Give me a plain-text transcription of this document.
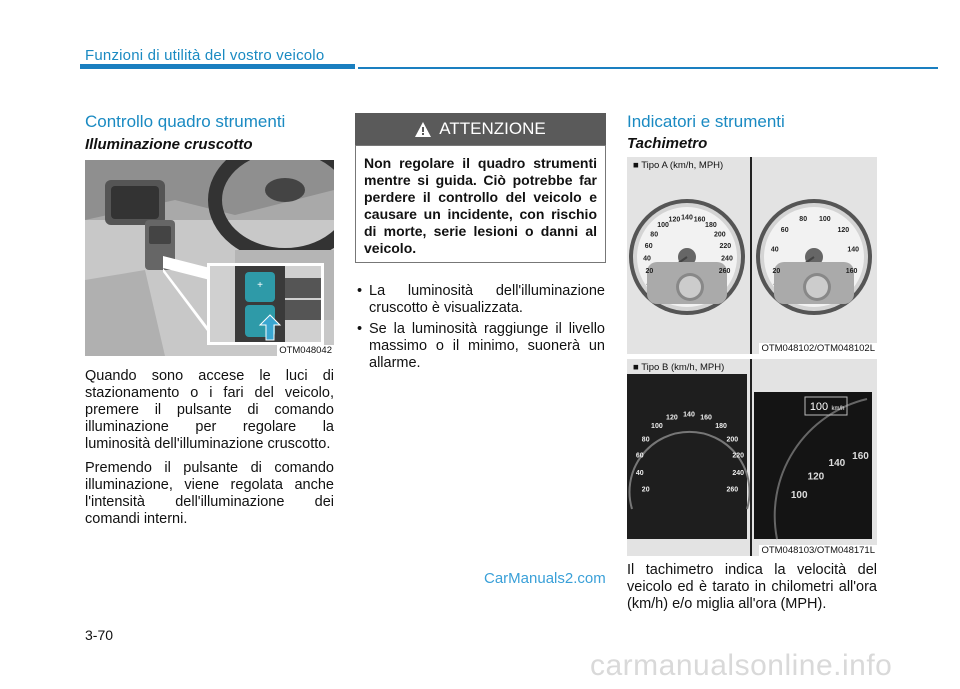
Funzioni di utilità del vostro veicolo
Controllo quadro strumenti
Illuminazione cruscotto
+
OTM048042

Quando sono accese le luci di stazionamento o i fari del veicolo, premere il pulsante di comando illuminazione per regolare la luminosità dell'illuminazione cruscotto.

Premendo il pulsante di comando illuminazione, viene regolata anche l'intensità dell'illuminazione dei comandi interni.

ATTENZIONE
Non regolare il quadro strumenti mentre si guida. Ciò potrebbe far perdere il controllo del veicolo e causare un incidente, con rischio di morte, serie lesioni o danni al veicolo.
• La luminosità dell'illuminazione cruscotto è visualizzata.
• Se la luminosità raggiunge il livello massimo o il minimo, suonerà un allarme.
Indicatori e strumenti
Tachimetro
20
40
60
80
100
120 140 160
180
200
220
240
260	20
40
60
80 100
120
140
160
■ Tipo A (km/h, MPH)
OTM048102/OTM048102L
100 km/h
20
40
60
80
100
120 140 160
180
200
220
240
260	100
120
140
160
■ Tipo B (km/h, MPH)
OTM048103/OTM048171L
Il tachimetro indica la velocità del veicolo ed è tarato in chilometri all'ora (km/h) e/o miglia all'ora (MPH).
CarManuals2.com
3-70
carmanualsonline.info
